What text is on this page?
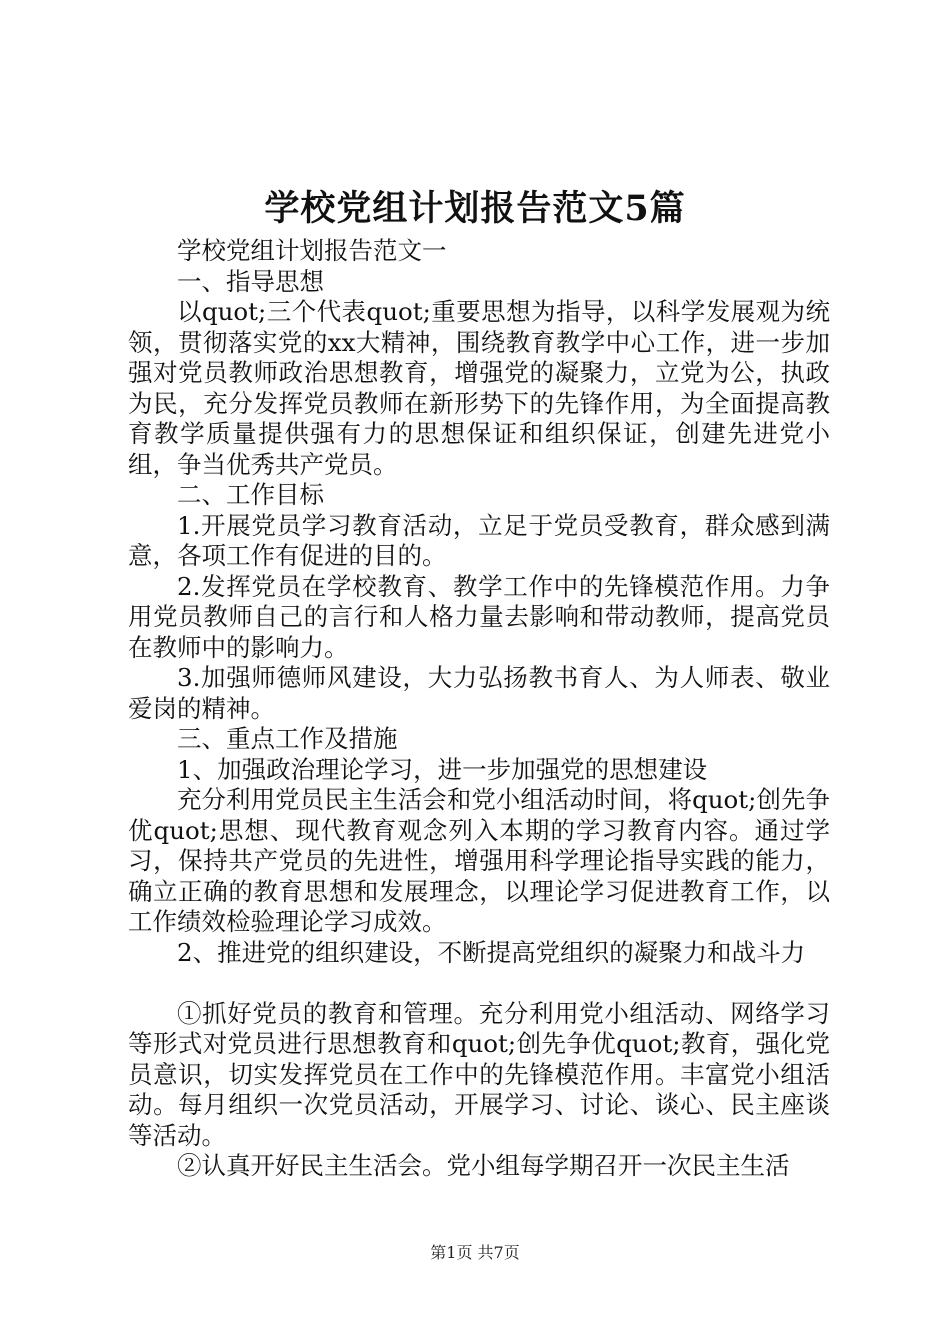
学校党组计划报告范文5篇

学校党组计划报告范文一

一、指导思想

以quot;三个代表quot;重要思想为指导，以科学发展观为统领，贯彻落实党的xx大精神，围绕教育教学中心工作，进一步加强对党员教师政治思想教育，增强党的凝聚力，立党为公，执政为民，充分发挥党员教师在新形势下的先锋作用，为全面提高教育教学质量提供强有力的思想保证和组织保证，创建先进党小组，争当优秀共产党员。

二、工作目标

1.开展党员学习教育活动，立足于党员受教育，群众感到满意，各项工作有促进的目的。

2.发挥党员在学校教育、教学工作中的先锋模范作用。力争用党员教师自己的言行和人格力量去影响和带动教师，提高党员在教师中的影响力。

3.加强师德师风建设，大力弘扬教书育人、为人师表、敬业爱岗的精神。

三、重点工作及措施

1、加强政治理论学习，进一步加强党的思想建设

充分利用党员民主生活会和党小组活动时间，将quot;创先争优quot;思想、现代教育观念列入本期的学习教育内容。通过学习，保持共产党员的先进性，增强用科学理论指导实践的能力，确立正确的教育思想和发展理念，以理论学习促进教育工作，以工作绩效检验理论学习成效。

2、推进党的组织建设，不断提高党组织的凝聚力和战斗力

①抓好党员的教育和管理。充分利用党小组活动、网络学习等形式对党员进行思想教育和quot;创先争优quot;教育，强化党员意识，切实发挥党员在工作中的先锋模范作用。丰富党小组活动。每月组织一次党员活动，开展学习、讨论、谈心、民主座谈等活动。

②认真开好民主生活会。党小组每学期召开一次民主生活

第1页 共7页
